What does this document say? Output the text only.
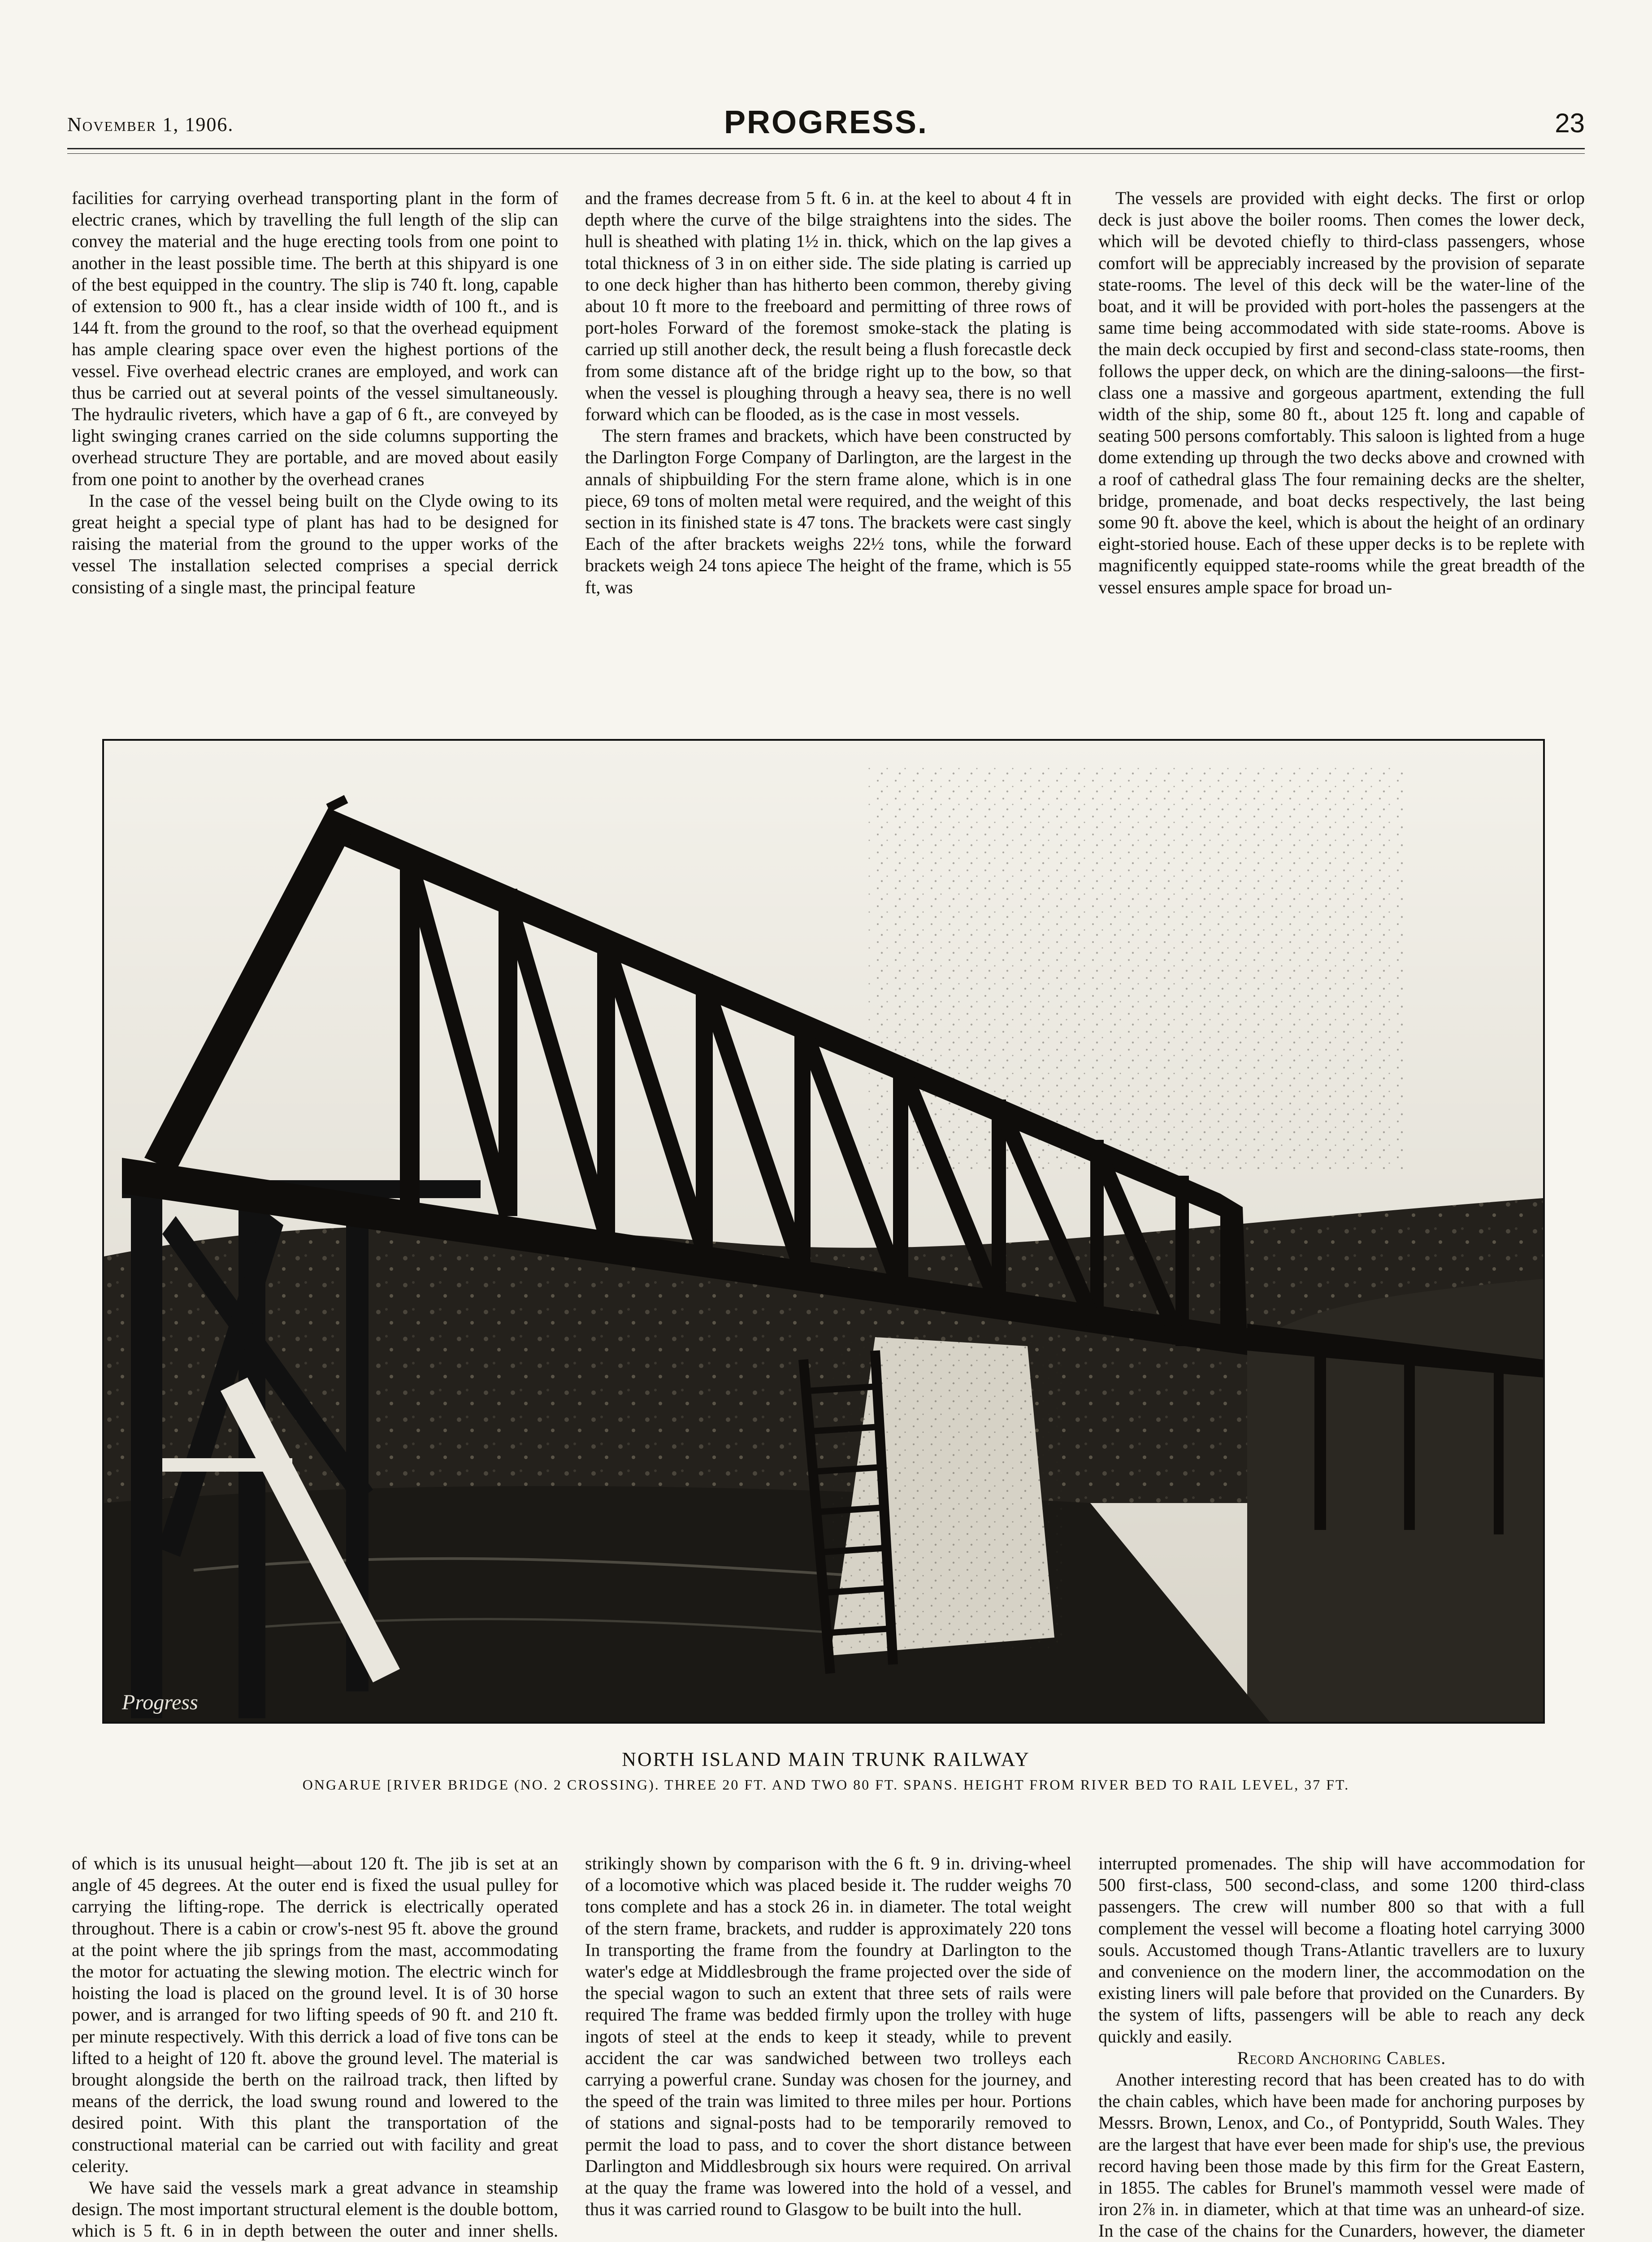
November 1, 1906.	PROGRESS.	23

facilities for carrying overhead transporting plant in the form of electric cranes, which by travelling the full length of the slip can convey the material and the huge erecting tools from one point to another in the least possible time. The berth at this shipyard is one of the best equipped in the country. The slip is 740 ft. long, capable of extension to 900 ft., has a clear inside width of 100 ft., and is 144 ft. from the ground to the roof, so that the overhead equipment has ample clearing space over even the highest portions of the vessel. Five overhead electric cranes are employed, and work can thus be carried out at several points of the vessel simultaneously. The hydraulic riveters, which have a gap of 6 ft., are conveyed by light swinging cranes carried on the side columns supporting the overhead structure They are portable, and are moved about easily from one point to another by the overhead cranes

In the case of the vessel being built on the Clyde owing to its great height a special type of plant has had to be designed for raising the material from the ground to the upper works of the vessel The installation selected comprises a special derrick consisting of a single mast, the principal feature

and the frames decrease from 5 ft. 6 in. at the keel to about 4 ft in depth where the curve of the bilge straightens into the sides. The hull is sheathed with plating 1½ in. thick, which on the lap gives a total thickness of 3 in on either side. The side plating is carried up to one deck higher than has hitherto been common, thereby giving about 10 ft more to the freeboard and permitting of three rows of port-holes Forward of the foremost smoke-stack the plating is carried up still another deck, the result being a flush forecastle deck from some distance aft of the bridge right up to the bow, so that when the vessel is ploughing through a heavy sea, there is no well forward which can be flooded, as is the case in most vessels.

The stern frames and brackets, which have been constructed by the Darlington Forge Company of Darlington, are the largest in the annals of shipbuilding For the stern frame alone, which is in one piece, 69 tons of molten metal were required, and the weight of this section in its finished state is 47 tons. The brackets were cast singly Each of the after brackets weighs 22½ tons, while the forward brackets weigh 24 tons apiece The height of the frame, which is 55 ft, was

The vessels are provided with eight decks. The first or orlop deck is just above the boiler rooms. Then comes the lower deck, which will be devoted chiefly to third-class passengers, whose comfort will be appreciably increased by the provision of separate state-rooms. The level of this deck will be the water-line of the boat, and it will be provided with port-holes the passengers at the same time being accommodated with side state-rooms. Above is the main deck occupied by first and second-class state-rooms, then follows the upper deck, on which are the dining-saloons—the first-class one a massive and gorgeous apartment, extending the full width of the ship, some 80 ft., about 125 ft. long and capable of seating 500 persons comfortably. This saloon is lighted from a huge dome extending up through the two decks above and crowned with a roof of cathedral glass The four remaining decks are the shelter, bridge, promenade, and boat decks respectively, the last being some 90 ft. above the keel, which is about the height of an ordinary eight-storied house. Each of these upper decks is to be replete with magnificently equipped state-rooms while the great breadth of the vessel ensures ample space for broad un-

Progress
NORTH ISLAND MAIN TRUNK RAILWAY
ONGARUE [RIVER BRIDGE (NO. 2 CROSSING). THREE 20 FT. AND TWO 80 FT. SPANS. HEIGHT FROM RIVER BED TO RAIL LEVEL, 37 FT.

of which is its unusual height—about 120 ft. The jib is set at an angle of 45 degrees. At the outer end is fixed the usual pulley for carrying the lifting-rope. The derrick is electrically operated throughout. There is a cabin or crow's-nest 95 ft. above the ground at the point where the jib springs from the mast, accommodating the motor for actuating the slewing motion. The electric winch for hoisting the load is placed on the ground level. It is of 30 horse power, and is arranged for two lifting speeds of 90 ft. and 210 ft. per minute respectively. With this derrick a load of five tons can be lifted to a height of 120 ft. above the ground level. The material is brought alongside the berth on the railroad track, then lifted by means of the derrick, the load swung round and lowered to the desired point. With this plant the transportation of the constructional material can be carried out with facility and great celerity.

We have said the vessels mark a great advance in steamship design. The most important structural element is the double bottom, which is 5 ft. 6 in in depth between the outer and inner shells.

strikingly shown by comparison with the 6 ft. 9 in. driving-wheel of a locomotive which was placed beside it. The rudder weighs 70 tons complete and has a stock 26 in. in diameter. The total weight of the stern frame, brackets, and rudder is approximately 220 tons In transporting the frame from the foundry at Darlington to the water's edge at Middlesbrough the frame projected over the side of the special wagon to such an extent that three sets of rails were required The frame was bedded firmly upon the trolley with huge ingots of steel at the ends to keep it steady, while to prevent accident the car was sandwiched between two trolleys each carrying a powerful crane. Sunday was chosen for the journey, and the speed of the train was limited to three miles per hour. Portions of stations and signal-posts had to be temporarily removed to permit the load to pass, and to cover the short distance between Darlington and Middlesbrough six hours were required. On arrival at the quay the frame was lowered into the hold of a vessel, and thus it was carried round to Glasgow to be built into the hull.

interrupted promenades. The ship will have accommodation for 500 first-class, 500 second-class, and some 1200 third-class passengers. The crew will number 800 so that with a full complement the vessel will become a floating hotel carrying 3000 souls. Accustomed though Trans-Atlantic travellers are to luxury and convenience on the modern liner, the accommodation on the existing liners will pale before that provided on the Cunarders. By the system of lifts, passengers will be able to reach any deck quickly and easily.

Record Anchoring Cables.

Another interesting record that has been created has to do with the chain cables, which have been made for anchoring purposes by Messrs. Brown, Lenox, and Co., of Pontypridd, South Wales. They are the largest that have ever been made for ship's use, the previous record having been those made by this firm for the Great Eastern, in 1855. The cables for Brunel's mammoth vessel were made of iron 2⅞ in. in diameter, which at that time was an unheard-of size. In the case of the chains for the Cunarders, however, the diameter
